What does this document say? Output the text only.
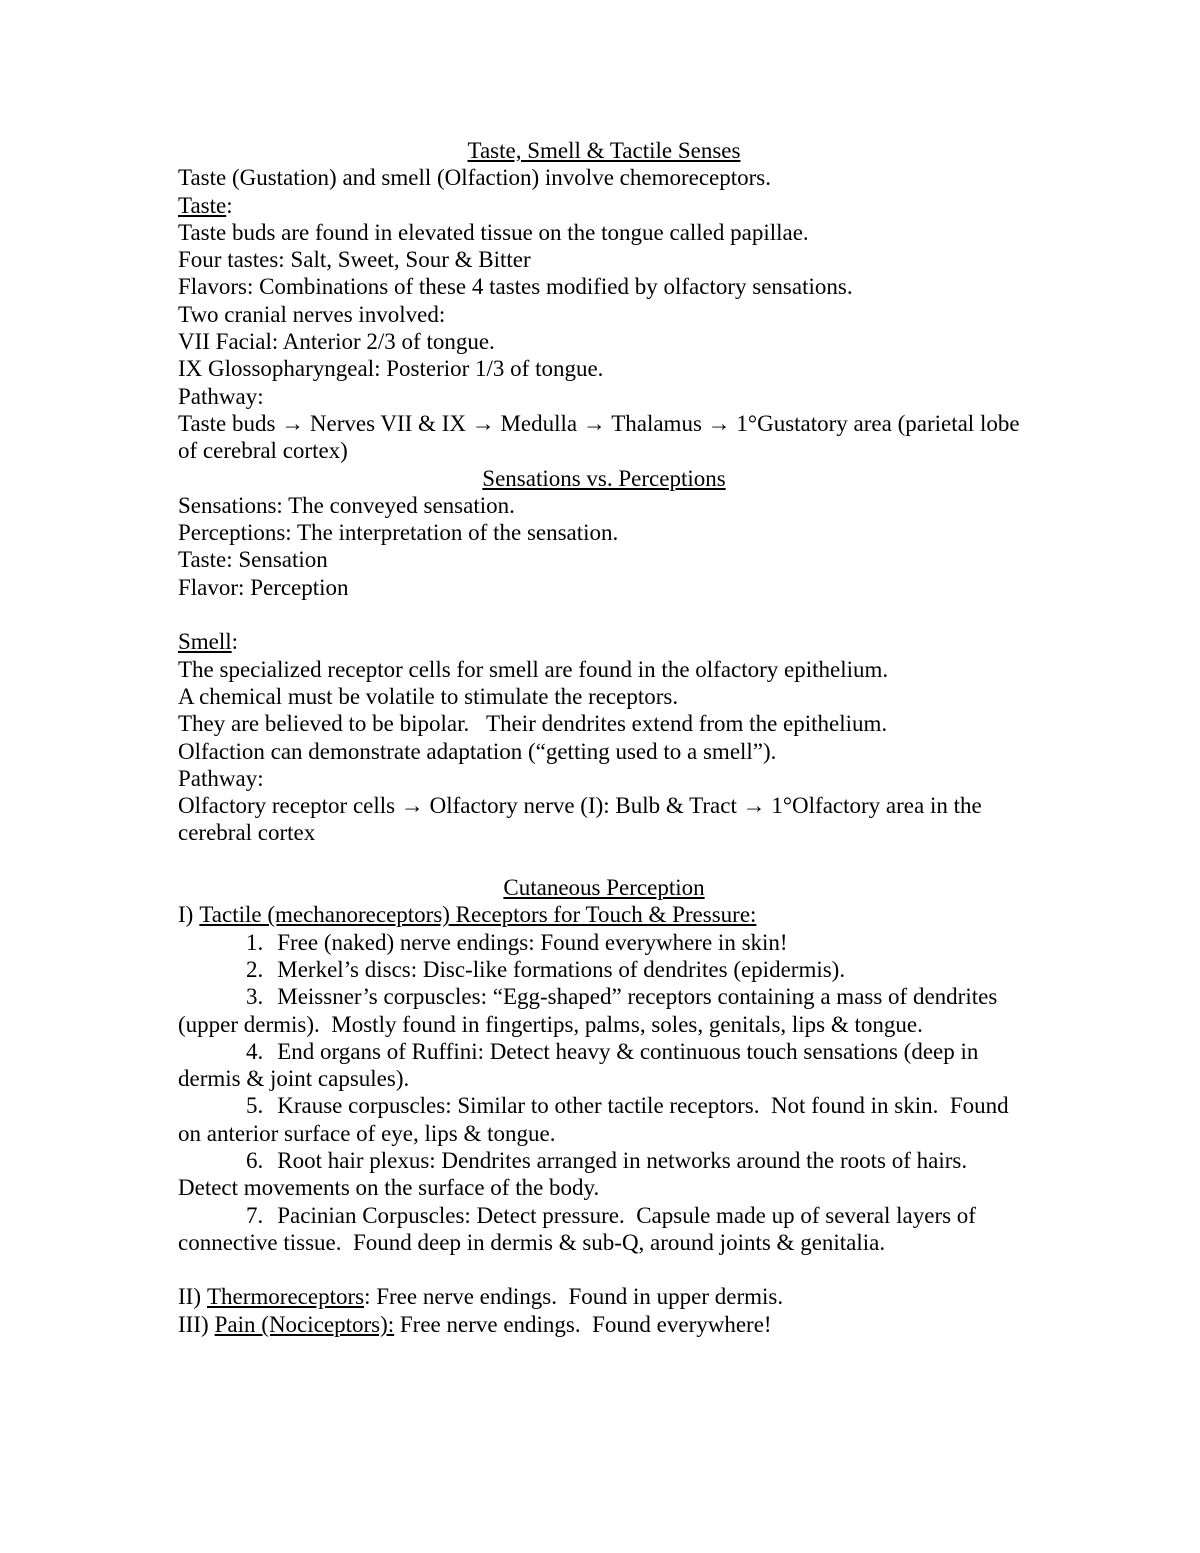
Taste, Smell & Tactile Senses

Taste (Gustation) and smell (Olfaction) involve chemoreceptors.

Taste:

Taste buds are found in elevated tissue on the tongue called papillae.

Four tastes: Salt, Sweet, Sour & Bitter

Flavors: Combinations of these 4 tastes modified by olfactory sensations.

Two cranial nerves involved:

VII Facial: Anterior 2/3 of tongue.

IX Glossopharyngeal: Posterior 1/3 of tongue.

Pathway:

Taste buds → Nerves VII & IX → Medulla → Thalamus → 1°Gustatory area (parietal lobe of cerebral cortex)

Sensations vs. Perceptions

Sensations: The conveyed sensation.

Perceptions: The interpretation of the sensation.

Taste: Sensation

Flavor: Perception

Smell:

The specialized receptor cells for smell are found in the olfactory epithelium.

A chemical must be volatile to stimulate the receptors.

They are believed to be bipolar.   Their dendrites extend from the epithelium.

Olfaction can demonstrate adaptation (“getting used to a smell”).

Pathway:

Olfactory receptor cells → Olfactory nerve (I): Bulb & Tract → 1°Olfactory area in the cerebral cortex

Cutaneous Perception

I) Tactile (mechanoreceptors) Receptors for Touch & Pressure:

1. Free (naked) nerve endings: Found everywhere in skin!

2. Merkel’s discs: Disc-like formations of dendrites (epidermis).

3. Meissner’s corpuscles: “Egg-shaped” receptors containing a mass of dendrites (upper dermis).  Mostly found in fingertips, palms, soles, genitals, lips & tongue.

4. End organs of Ruffini: Detect heavy & continuous touch sensations (deep in dermis & joint capsules).

5. Krause corpuscles: Similar to other tactile receptors.  Not found in skin.  Found on anterior surface of eye, lips & tongue.

6. Root hair plexus: Dendrites arranged in networks around the roots of hairs.  Detect movements on the surface of the body.

7. Pacinian Corpuscles: Detect pressure.  Capsule made up of several layers of connective tissue.  Found deep in dermis & sub-Q, around joints & genitalia.

II) Thermoreceptors: Free nerve endings.  Found in upper dermis.

III) Pain (Nociceptors): Free nerve endings.  Found everywhere!
